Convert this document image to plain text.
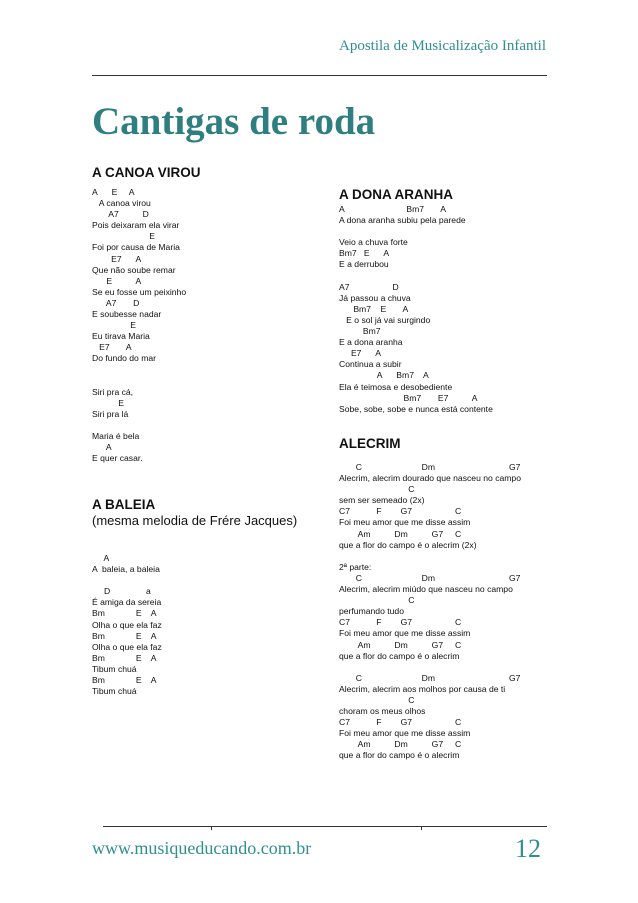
Apostila de Musicalização Infantil
Cantigas de roda
A CANOA VIROU
A      E     A
A canoa virou
A7          D
Pois deixaram ela virar
E
Foi por causa de Maria
E7      A
Que não soube remar
E          A
Se eu fosse um peixinho
A7       D
E soubesse nadar
E
Eu tirava Maria
E7       A
Do fundo do mar

Siri pra cá,
E
Siri pra lá

Maria é bela
A
E quer casar.
A BALEIA
(mesma melodia de Frére Jacques)
A
A  baleia, a baleia

D               a
É amiga da sereia
Bm             E    A
Olha o que ela faz
Bm             E    A
Olha o que ela faz
Bm             E    A
Tibum chuá
Bm             E    A
Tibum chuá
A DONA ARANHA
A                          Bm7       A
A dona aranha subiu pela parede

Veio a chuva forte
Bm7   E      A
E a derrubou

A7                  D
Já passou a chuva
Bm7    E       A
E o sol já vai surgindo
Bm7
E a dona aranha
E7      A
Continua a subir
A      Bm7    A
Ela é teimosa e desobediente
Bm7       E7          A
Sobe, sobe, sobe e nunca está contente
ALECRIM
C                         Dm                               G7
Alecrim, alecrim dourado que nasceu no campo
C
sem ser semeado (2x)
C7           F        G7                  C
Foi meu amor que me disse assim
Am          Dm          G7     C
que a flor do campo é o alecrim (2x)

2ª parte:
C                         Dm                               G7
Alecrim, alecrim miúdo que nasceu no campo
C
perfumando tudo
C7           F        G7                  C
Foi meu amor que me disse assim
Am          Dm          G7     C
que a flor do campo é o alecrim

C                         Dm                               G7
Alecrim, alecrim aos molhos por causa de ti
C
choram os meus olhos
C7           F        G7                  C
Foi meu amor que me disse assim
Am          Dm          G7     C
que a flor do campo é o alecrim
www.musiqueducando.com.br	12
